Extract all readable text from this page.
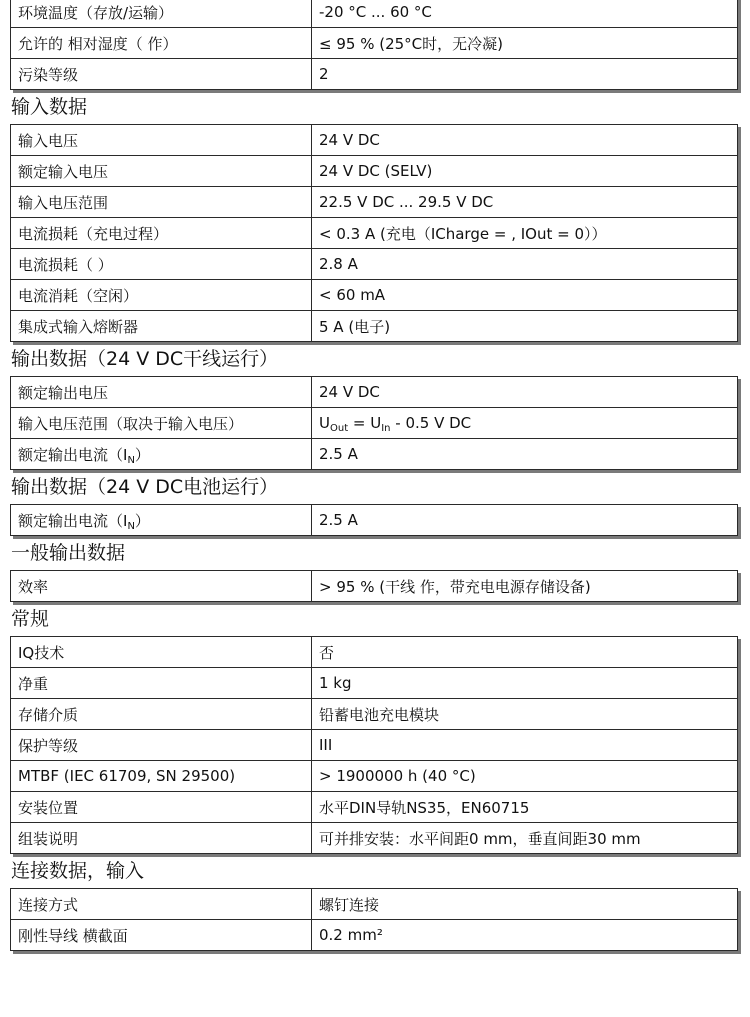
环境温度（存放/运输）	-20 °C ... 60 °C
允许的 相对湿度（ 作）	≤ 95 % (25°C时，无冷凝)
污染等级	2
输入数据
输入电压	24 V DC
额定输入电压	24 V DC (SELV)
输入电压范围	22.5 V DC ... 29.5 V DC
电流损耗（充电过程）	< 0.3 A (充电（ICharge = , IOut = 0））
电流损耗（ ）	2.8 A
电流消耗（空闲）	< 60 mA
集成式输入熔断器	5 A (电子)
输出数据（24 V DC干线运行）
额定输出电压	24 V DC
输入电压范围（取决于输入电压）	$U_{Out} = U_{In} - 0.5$ V DC
额定输出电流$(I_N)$	2.5 A
输出数据（24 V DC电池运行）
额定输出电流$(I_N)$	2.5 A
一般输出数据
效率	> 95 % (干线 作，带充电电源存储设备)
常规
IQ技术	否
净重	1 kg
存储介质	铅蓄电池充电模块
保护等级	III
MTBF (IEC 61709, SN 29500)	> 1900000 h (40 °C)
安装位置	水平DIN导轨NS35，EN60715
组装说明	可并排安装：水平间距0 mm，垂直间距30 mm
连接数据，输入
连接方式	螺钉连接
刚性导线 横截面	0.2 mm²
